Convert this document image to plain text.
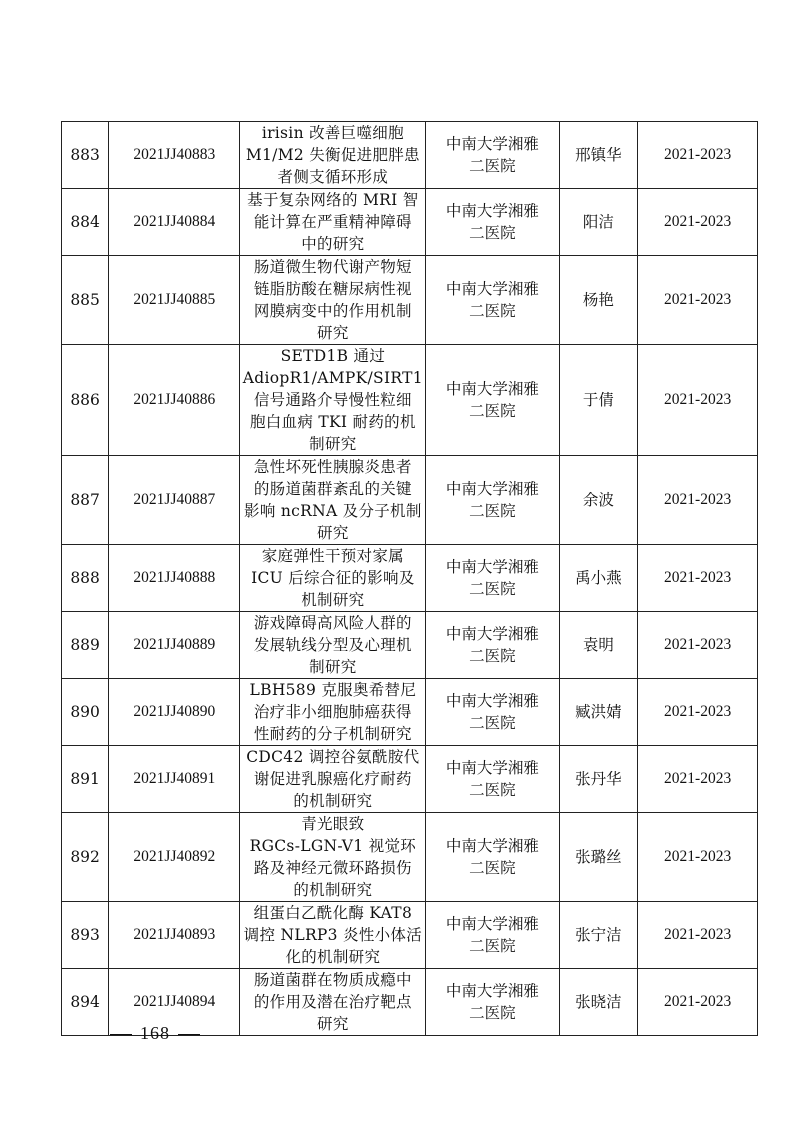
883	2021JJ40883	irisin 改善巨噬细胞
M1/M2 失衡促进肥胖患
者侧支循环形成	中南大学湘雅
二医院	邢镇华	2021-2023
884	2021JJ40884	基于复杂网络的 MRI 智
能计算在严重精神障碍
中的研究	中南大学湘雅
二医院	阳洁	2021-2023
885	2021JJ40885	肠道微生物代谢产物短
链脂肪酸在糖尿病性视
网膜病变中的作用机制
研究	中南大学湘雅
二医院	杨艳	2021-2023
886	2021JJ40886	SETD1B 通过
AdiopR1/AMPK/SIRT1
信号通路介导慢性粒细
胞白血病 TKI 耐药的机
制研究	中南大学湘雅
二医院	于倩	2021-2023
887	2021JJ40887	急性坏死性胰腺炎患者
的肠道菌群紊乱的关键
影响 ncRNA 及分子机制
研究	中南大学湘雅
二医院	余波	2021-2023
888	2021JJ40888	家庭弹性干预对家属
ICU 后综合征的影响及
机制研究	中南大学湘雅
二医院	禹小燕	2021-2023
889	2021JJ40889	游戏障碍高风险人群的
发展轨线分型及心理机
制研究	中南大学湘雅
二医院	袁明	2021-2023
890	2021JJ40890	LBH589 克服奥希替尼
治疗非小细胞肺癌获得
性耐药的分子机制研究	中南大学湘雅
二医院	臧洪婧	2021-2023
891	2021JJ40891	CDC42 调控谷氨酰胺代
谢促进乳腺癌化疗耐药
的机制研究	中南大学湘雅
二医院	张丹华	2021-2023
892	2021JJ40892	青光眼致
RGCs-LGN-V1 视觉环
路及神经元微环路损伤
的机制研究	中南大学湘雅
二医院	张璐丝	2021-2023
893	2021JJ40893	组蛋白乙酰化酶 KAT8
调控 NLRP3 炎性小体活
化的机制研究	中南大学湘雅
二医院	张宁洁	2021-2023
894	2021JJ40894	肠道菌群在物质成瘾中
的作用及潜在治疗靶点
研究	中南大学湘雅
二医院	张晓洁	2021-2023
168
